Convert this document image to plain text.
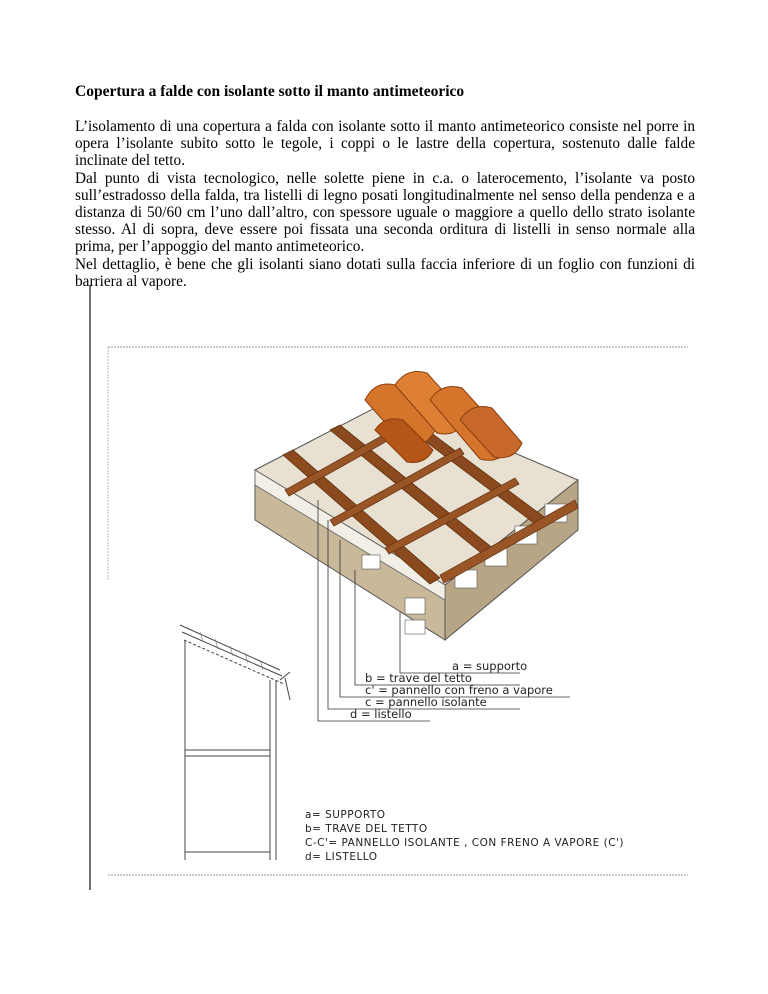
Copertura a falde con isolante sotto il manto antimeteorico

L’isolamento di una copertura a falda con isolante sotto il manto antimeteorico consiste nel porre in opera l’isolante subito sotto le tegole, i coppi o le lastre della copertura, sostenuto dalle falde inclinate del tetto.

Dal punto di vista tecnologico, nelle solette piene in c.a. o laterocemento, l’isolante va posto sull’estradosso della falda, tra listelli di legno posati longitudinalmente nel senso della pendenza e a distanza di 50/60 cm l’uno dall’altro, con spessore uguale o maggiore a quello dello strato isolante stesso. Al di sopra, deve essere poi fissata una seconda orditura di listelli in senso normale alla prima, per l’appoggio del manto antimeteorico.

Nel dettaglio, è bene che gli isolanti siano dotati sulla faccia inferiore di un foglio con funzioni di barriera al vapore.

a = supporto
b = trave del tetto
c' = pannello con freno a vapore
c = pannello isolante
d = listello
a= SUPPORTO
b= TRAVE DEL TETTO
C-C'= PANNELLO ISOLANTE , CON FRENO A VAPORE (C')
d= LISTELLO
